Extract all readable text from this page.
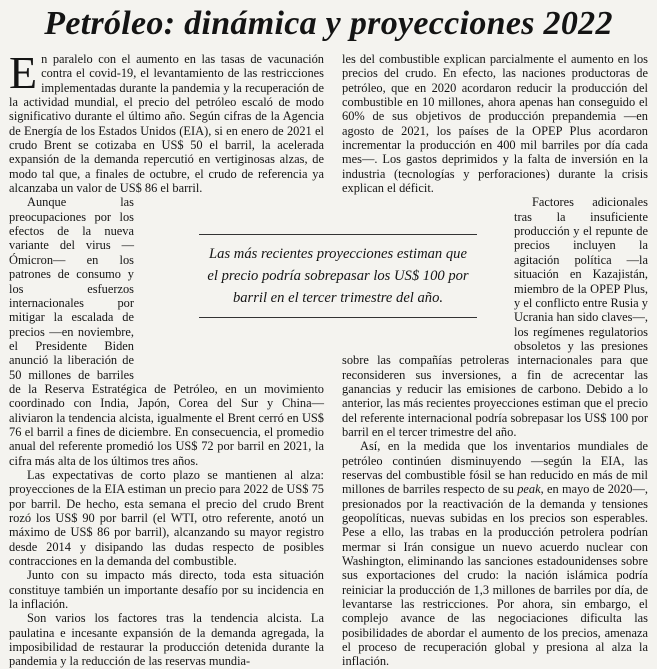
Petróleo: dinámica y proyecciones 2022

En paralelo con el aumento en las tasas de vacunación contra el covid-19, el levantamiento de las restricciones implementadas durante la pandemia y la recuperación de la actividad mundial, el precio del petróleo escaló de modo significativo durante el último año. Según cifras de la Agencia de Energía de los Estados Unidos (EIA), si en enero de 2021 el crudo Brent se cotizaba en US$ 50 el barril, la acelerada expansión de la demanda repercutió en vertiginosas alzas, de modo tal que, a finales de octubre, el crudo de referencia ya alcanzaba un valor de US$ 86 el barril.

Aunque las preocupaciones por los efectos de la nueva variante del virus —Ómicron— en los patrones de consumo y los esfuerzos internacionales por mitigar la escalada de precios —en noviembre, el Presidente Biden anunció la liberación de 50 millones de barriles de la Reserva Estratégica de Petróleo, en un movimiento coordinado con India, Japón, Corea del Sur y China— aliviaron la tendencia alcista, igualmente el Brent cerró en US$ 76 el barril a fines de diciembre. En consecuencia, el promedio anual del referente promedió los US$ 72 por barril en 2021, la cifra más alta de los últimos tres años.

Las expectativas de corto plazo se mantienen al alza: proyecciones de la EIA estiman un precio para 2022 de US$ 75 por barril. De hecho, esta semana el precio del crudo Brent rozó los US$ 90 por barril (el WTI, otro referente, anotó un máximo de US$ 86 por barril), alcanzando su mayor registro desde 2014 y disipando las dudas respecto de posibles contracciones en la demanda del combustible.

Junto con su impacto más directo, toda esta situación constituye también un importante desafío por su incidencia en la inflación.

Son varios los factores tras la tendencia alcista. La paulatina e incesante expansión de la demanda agregada, la imposibilidad de restaurar la producción detenida durante la pandemia y la reducción de las reservas mundia-

les del combustible explican parcialmente el aumento en los precios del crudo. En efecto, las naciones productoras de petróleo, que en 2020 acordaron reducir la producción del combustible en 10 millones, ahora apenas han conseguido el 60% de sus objetivos de producción prepandemia —en agosto de 2021, los países de la OPEP Plus acordaron incrementar la producción en 400 mil barriles por día cada mes—. Los gastos deprimidos y la falta de inversión en la industria (tecnologías y perforaciones) durante la crisis explican el déficit.

Factores adicionales tras la insuficiente producción y el repunte de precios incluyen la agitación política —la situación en Kazajistán, miembro de la OPEP Plus, y el conflicto entre Rusia y Ucrania han sido claves—, los regímenes regulatorios obsoletos y las presiones sobre las compañías petroleras internacionales para que reconsideren sus inversiones, a fin de acrecentar las ganancias y reducir las emisiones de carbono. Debido a lo anterior, las más recientes proyecciones estiman que el precio del referente internacional podría sobrepasar los US$ 100 por barril en el tercer trimestre del año.

Así, en la medida que los inventarios mundiales de petróleo continúen disminuyendo —según la EIA, las reservas del combustible fósil se han reducido en más de mil millones de barriles respecto de su peak, en mayo de 2020—, presionados por la reactivación de la demanda y tensiones geopolíticas, nuevas subidas en los precios son esperables. Pese a ello, las trabas en la producción petrolera podrían mermar si Irán consigue un nuevo acuerdo nuclear con Washington, eliminando las sanciones estadounidenses sobre sus exportaciones del crudo: la nación islámica podría reiniciar la producción de 1,3 millones de barriles por día, de levantarse las restricciones. Por ahora, sin embargo, el complejo avance de las negociaciones dificulta las posibilidades de abordar el aumento de los precios, amenaza el proceso de recuperación global y presiona al alza la inflación.

Las más recientes proyecciones estiman que el precio podría sobrepasar los US$ 100 por barril en el tercer trimestre del año.
